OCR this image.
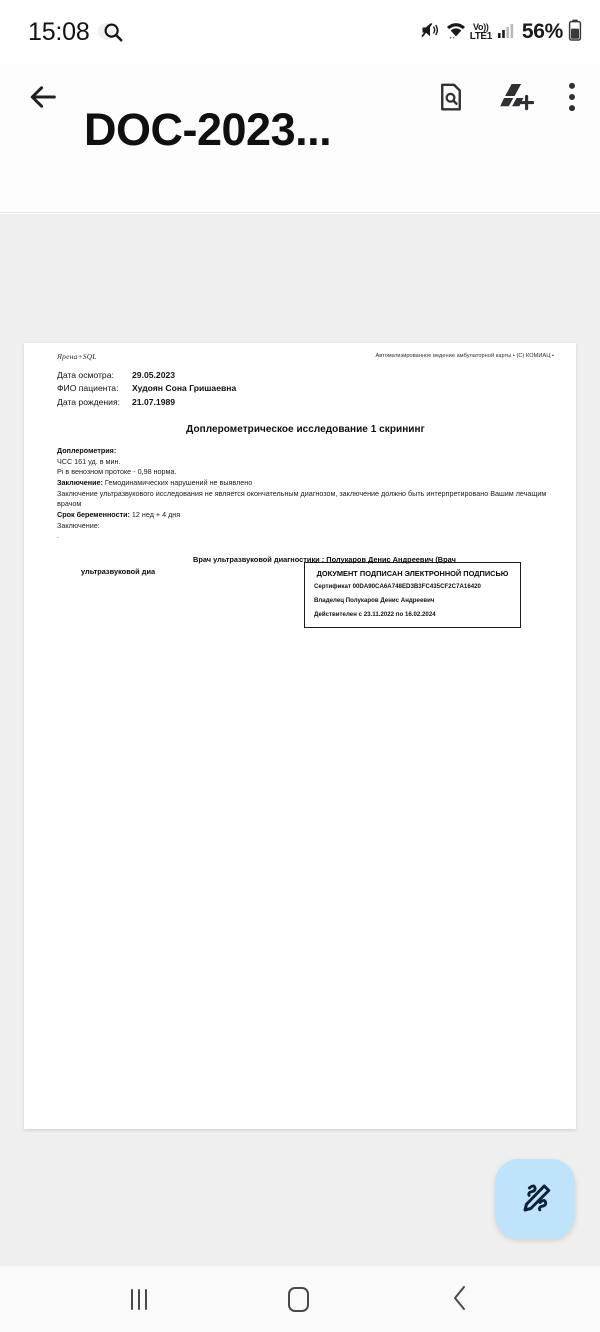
15:08	Vo))
LTE1 56%
DOC-2023...
Ярена+SQL	Автоматизированное ведение амбулаторной карты • (C) КОМИАЦ •
Дата осмотра:	29.05.2023
ФИО пациента:	Худоян Сона Гришаевна
Дата рождения:	21.07.1989
Доплерометрическое исследование 1 скрининг

Доплерометрия:

ЧСС 161 уд. в мин.

Pi в венозном протоке - 0,98 норма.

Заключение: Гемодинамических нарушений не выявлено

Заключение ультразвукового исследования не является окончательным диагнозом, заключение должно быть интерпретировано Вашим лечащим врачом

Срок беременности: 12 нед + 4 дня

Заключение:

.

Врач ультразвуковой диагностики : Полукаров Денис Андреевич (Врач
ультразвуковой диа	ДОКУМЕНТ ПОДПИСАН ЭЛЕКТРОННОЙ ПОДПИСЬЮ
Сертификат 00DA90CA6A748ED3B3FC435CF2C7A16420
Владелец Полукаров Денис Андреевич
Действителен с 23.11.2022 по 16.02.2024
